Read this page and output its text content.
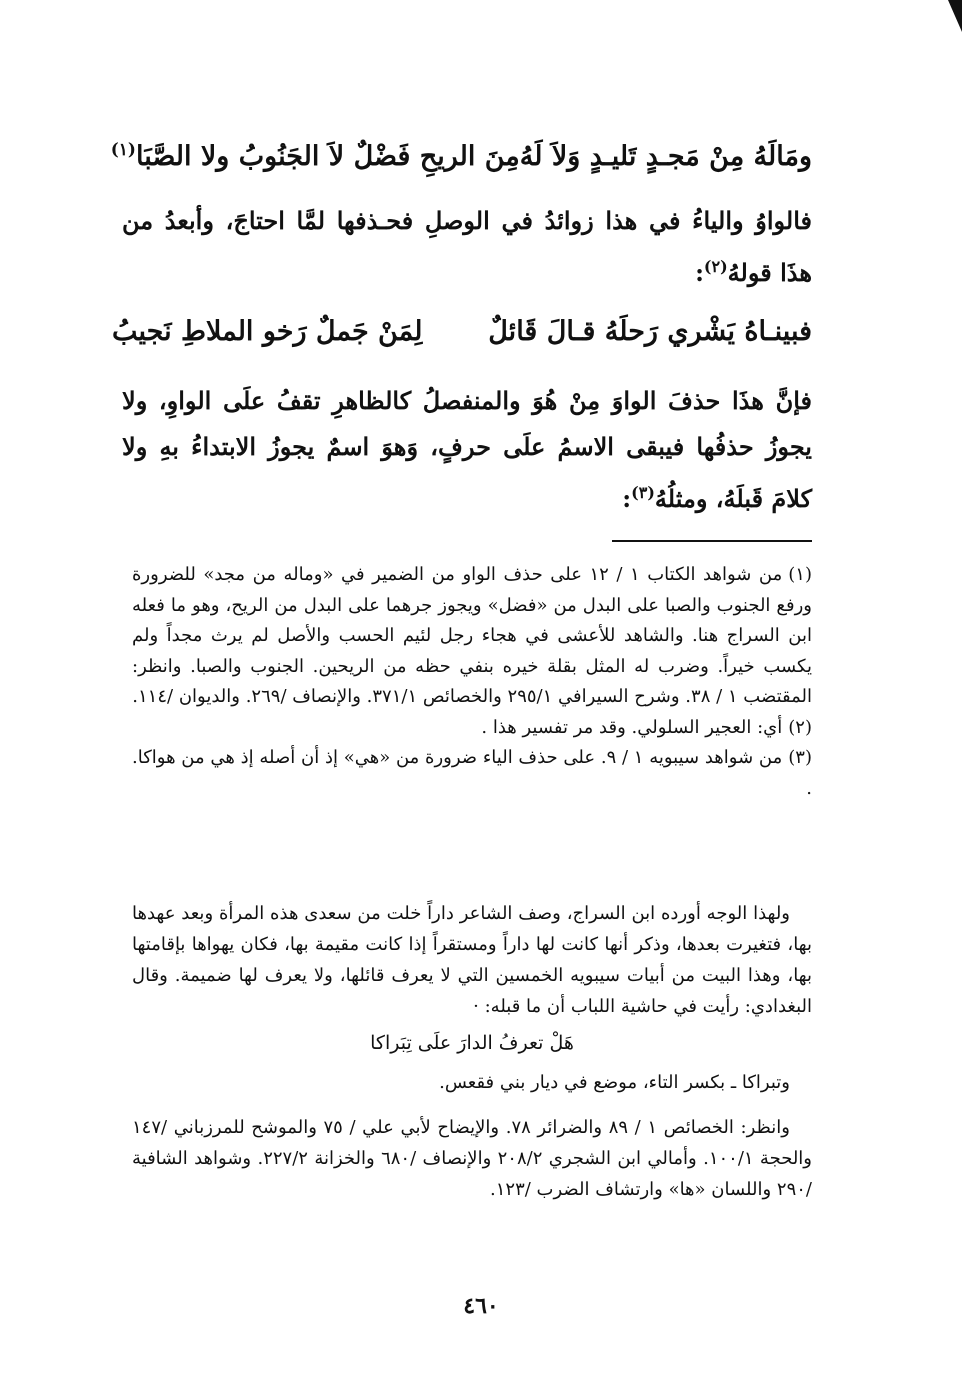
ومَالَهُ مِنْ مَجـدٍ تَليـدٍ وَلاَ لَهُ
مِنَ الريحِ فَضْلٌ لاَ الجَنُوبُ ولا الصَّبَا$^{(١)}$

فالواوُ والياءُ في هذا زوائدُ في الوصلِ فحـذفها لمَّا احتاجَ، وأبعدُ من هذَا قولهُ$^{(٢)}$:

فبينـاهُ يَشْري رَحلَهُ قـالَ قَائلٌ
لِمَنْ جَملٌ رَخو الملاطِ نَجيبُ

فإنَّ هذَا حذفَ الواوَ مِنْ هُوَ والمنفصلُ كالظاهرِ تقفُ علَى الواوِ، ولا يجوزُ حذفُها فيبقى الاسمُ علَى حرفٍ، وَهوَ اسمٌ يجوزُ الابتداءُ بهِ ولا كلامَ قَبلَهُ، ومثلُهُ$^{(٣)}$:

(١)من شواهد الكتاب ١ / ١٢ على حذف الواو من الضمير في «وماله من مجد» للضرورة ورفع الجنوب والصبا على البدل من «فضل» ويجوز جرهما على البدل من الريح، وهو ما فعله ابن السراج هنا. والشاهد للأعشى في هجاء رجل لئيم الحسب والأصل لم يرث مجداً ولم يكسب خيراً. وضرب له المثل بقلة خيره بنفي حظه من الريحين. الجنوب والصبا. وانظر: المقتضب ١ / ٣٨. وشرح السيرافي ٢٩٥/١ والخصائص ٣٧١/١. والإنصاف /٢٦٩. والديوان /١١٤.

(٢)أي: العجير السلولي. وقد مر تفسير هذا .

(٣)من شواهد سيبويه ١ / ٩. على حذف الياء ضرورة من «هي» إذ أن أصله إذ هي من هواكا. .

ولهذا الوجه أورده ابن السراج، وصف الشاعر داراً خلت من سعدى هذه المرأة وبعد عهدها بها، فتغيرت بعدها، وذكر أنها كانت لها داراً ومستقراً إذا كانت مقيمة بها، فكان يهواها بإقامتها بها، وهذا البيت من أبيات سيبويه الخمسين التي لا يعرف قائلها، ولا يعرف لها ضميمة. وقال البغدادي: رأيت في حاشية اللباب أن ما قبله: ·

هَلْ تعرفُ الدارَ علَى تِبَراكا

وتبراكا ـ بكسر التاء، موضع في ديار بني فقعس.

وانظر: الخصائص ١ / ٨٩ والضرائر ٧٨. والإيضاح لأبي علي / ٧٥ والموشح للمرزباني /١٤٧ والحجة ١٠٠/١. وأمالي ابن الشجري ٢٠٨/٢ والإنصاف /٦٨٠ والخزانة ٢٢٧/٢. وشواهد الشافية /٢٩٠ واللسان «ها» وارتشاف الضرب /١٢٣.

٤٦٠
